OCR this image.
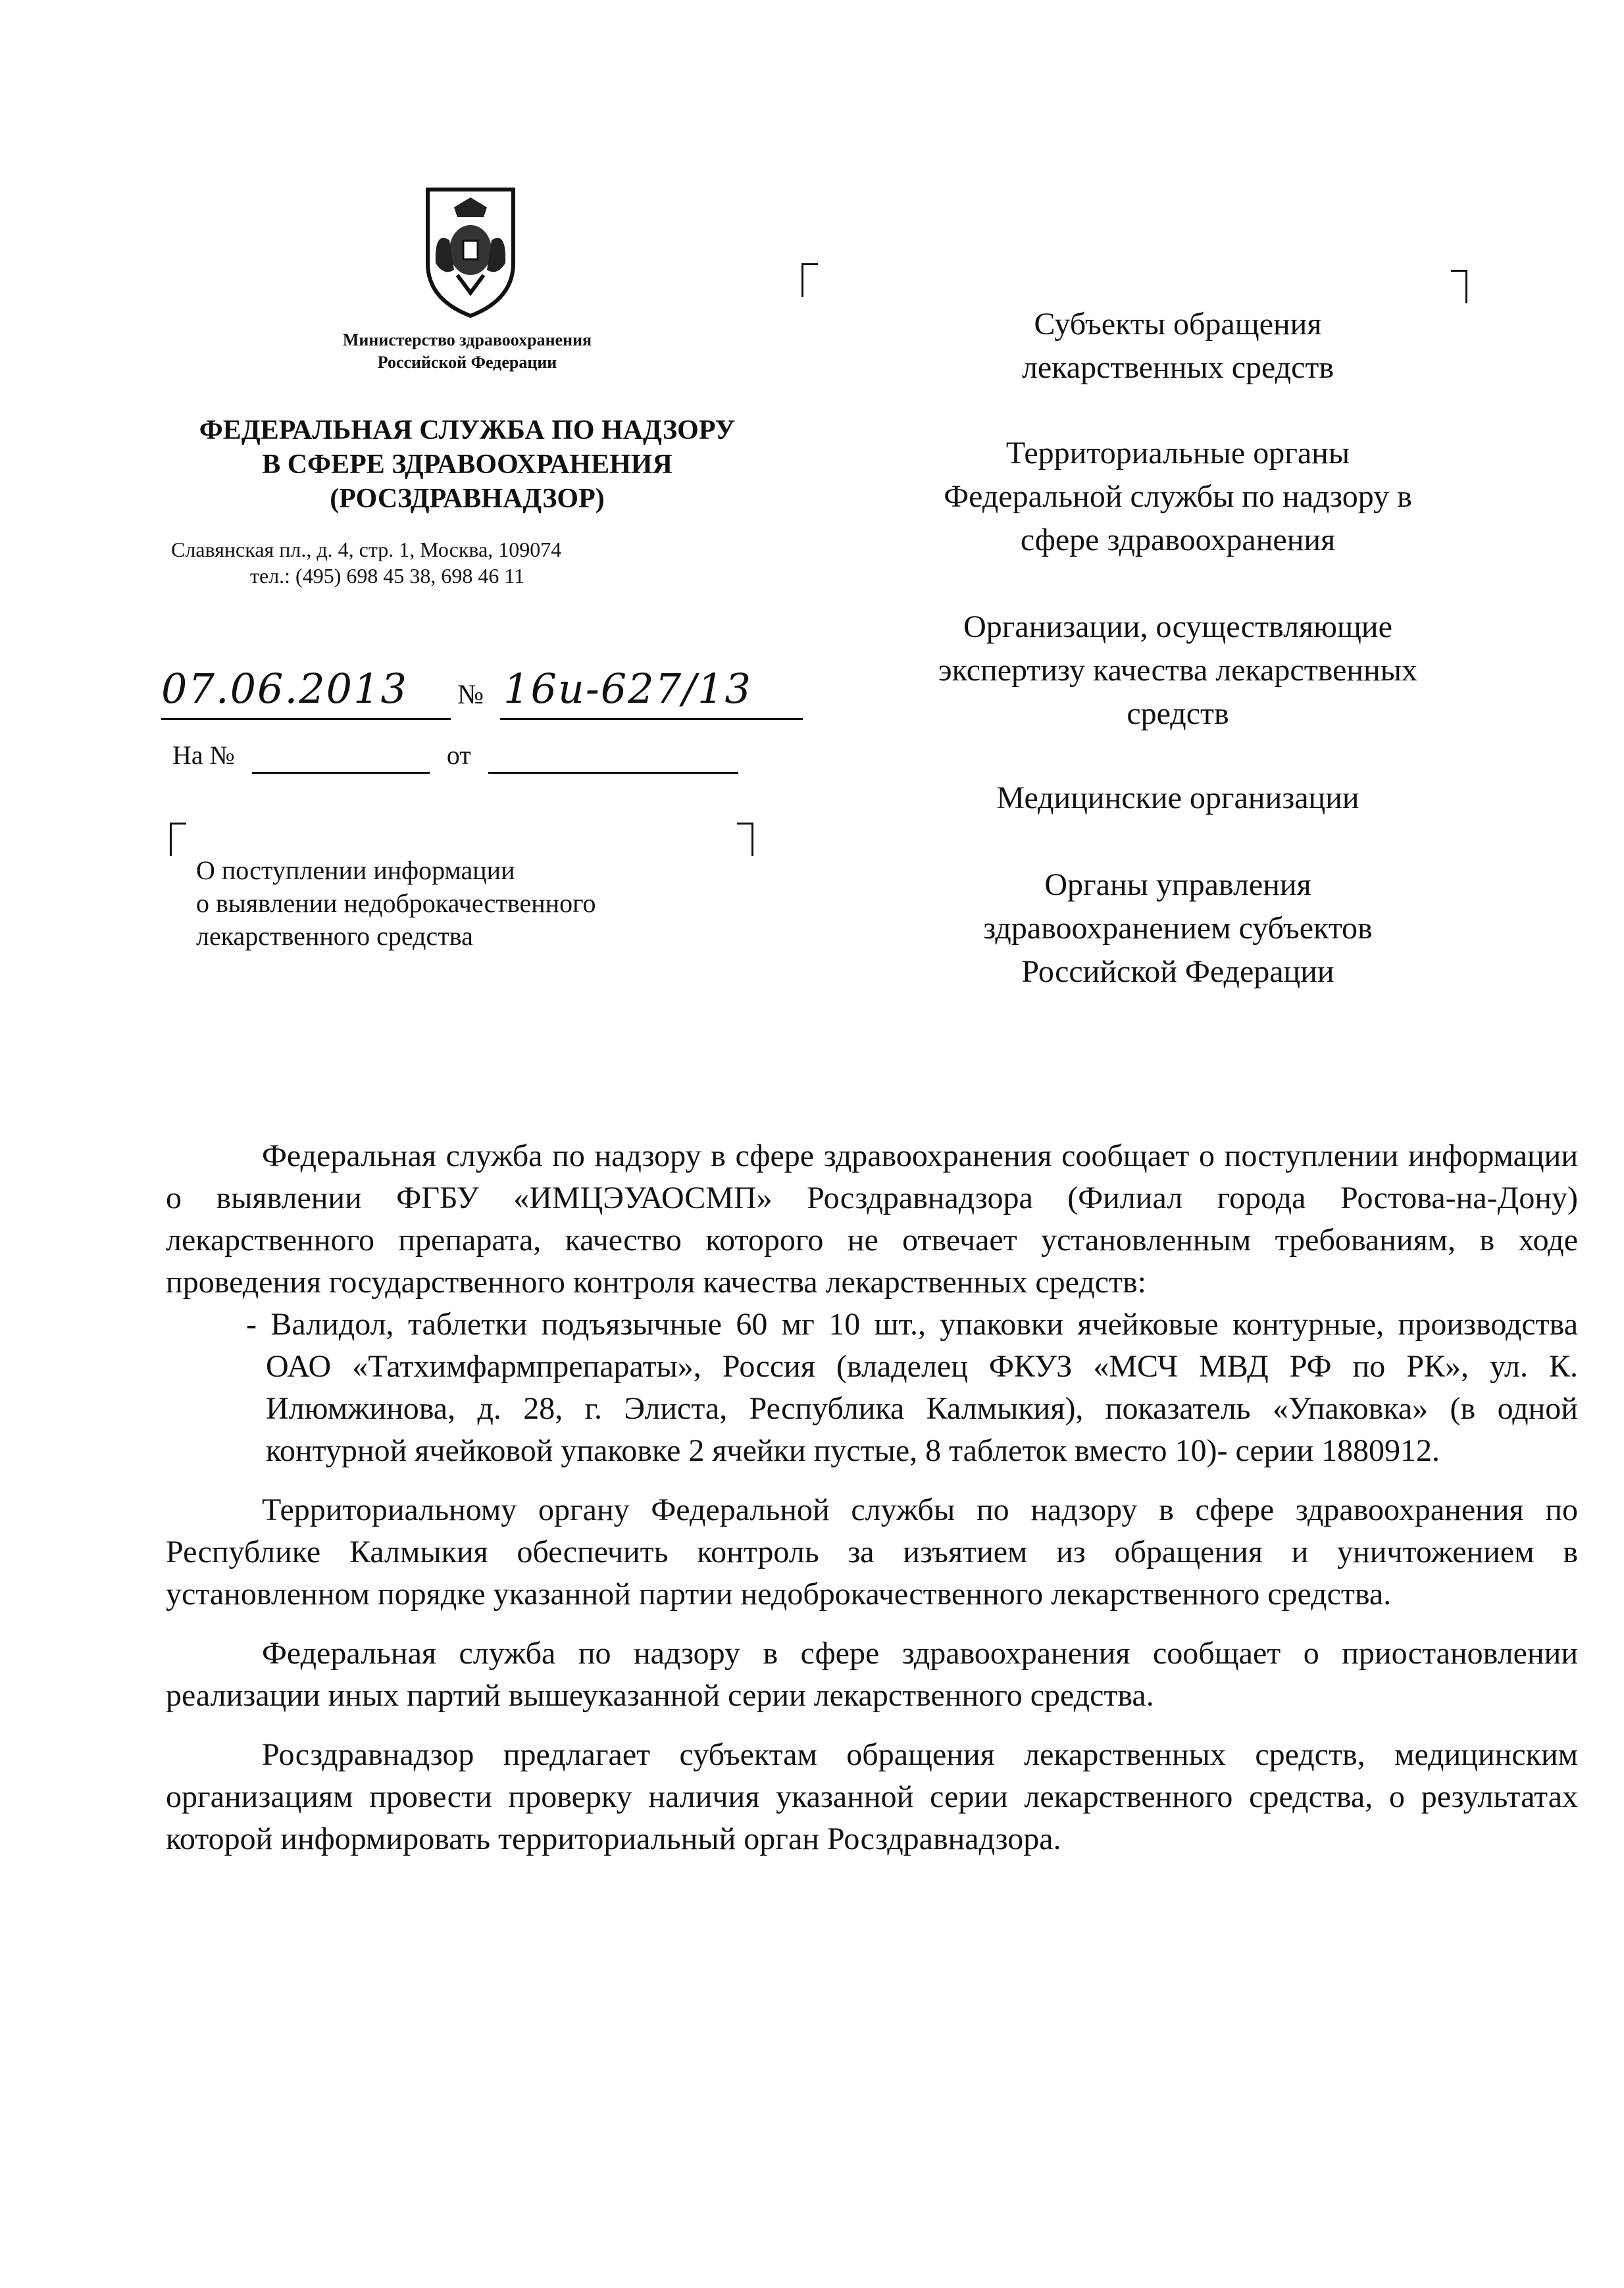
Министерство здравоохранения
Российской Федерации
ФЕДЕРАЛЬНАЯ СЛУЖБА ПО НАДЗОРУ
В СФЕРЕ ЗДРАВООХРАНЕНИЯ
(РОСЗДРАВНАДЗОР)
Славянская пл., д. 4, стр. 1, Москва, 109074
тел.: (495) 698 45 38, 698 46 11
07.06.2013 № 16и-627/13
На №	от
О поступлении информации
о выявлении недоброкачественного
лекарственного средства
Субъекты обращения
лекарственных средств
Территориальные органы
Федеральной службы по надзору в
сфере здравоохранения
Организации, осуществляющие
экспертизу качества лекарственных
средств
Медицинские организации
Органы управления
здравоохранением субъектов
Российской Федерации

Федеральная служба по надзору в сфере здравоохранения сообщает о поступлении информации о выявлении ФГБУ «ИМЦЭУАОСМП» Росздравнадзора (Филиал города Ростова-на-Дону) лекарственного препарата, качество которого не отвечает установленным требованиям, в ходе проведения государственного контроля качества лекарственных средств:

- Валидол, таблетки подъязычные 60 мг 10 шт., упаковки ячейковые контурные, производства ОАО «Татхимфармпрепараты», Россия (владелец ФКУЗ «МСЧ МВД РФ по РК», ул. К. Илюмжинова, д. 28, г. Элиста, Республика Калмыкия), показатель «Упаковка» (в одной контурной ячейковой упаковке 2 ячейки пустые, 8 таблеток вместо 10)- серии 1880912.

Территориальному органу Федеральной службы по надзору в сфере здравоохранения по Республике Калмыкия обеспечить контроль за изъятием из обращения и уничтожением в установленном порядке указанной партии недоброкачественного лекарственного средства.

Федеральная служба по надзору в сфере здравоохранения сообщает о приостановлении реализации иных партий вышеуказанной серии лекарственного средства.

Росздравнадзор предлагает субъектам обращения лекарственных средств, медицинским организациям провести проверку наличия указанной серии лекарственного средства, о результатах которой информировать территориальный орган Росздравнадзора.
